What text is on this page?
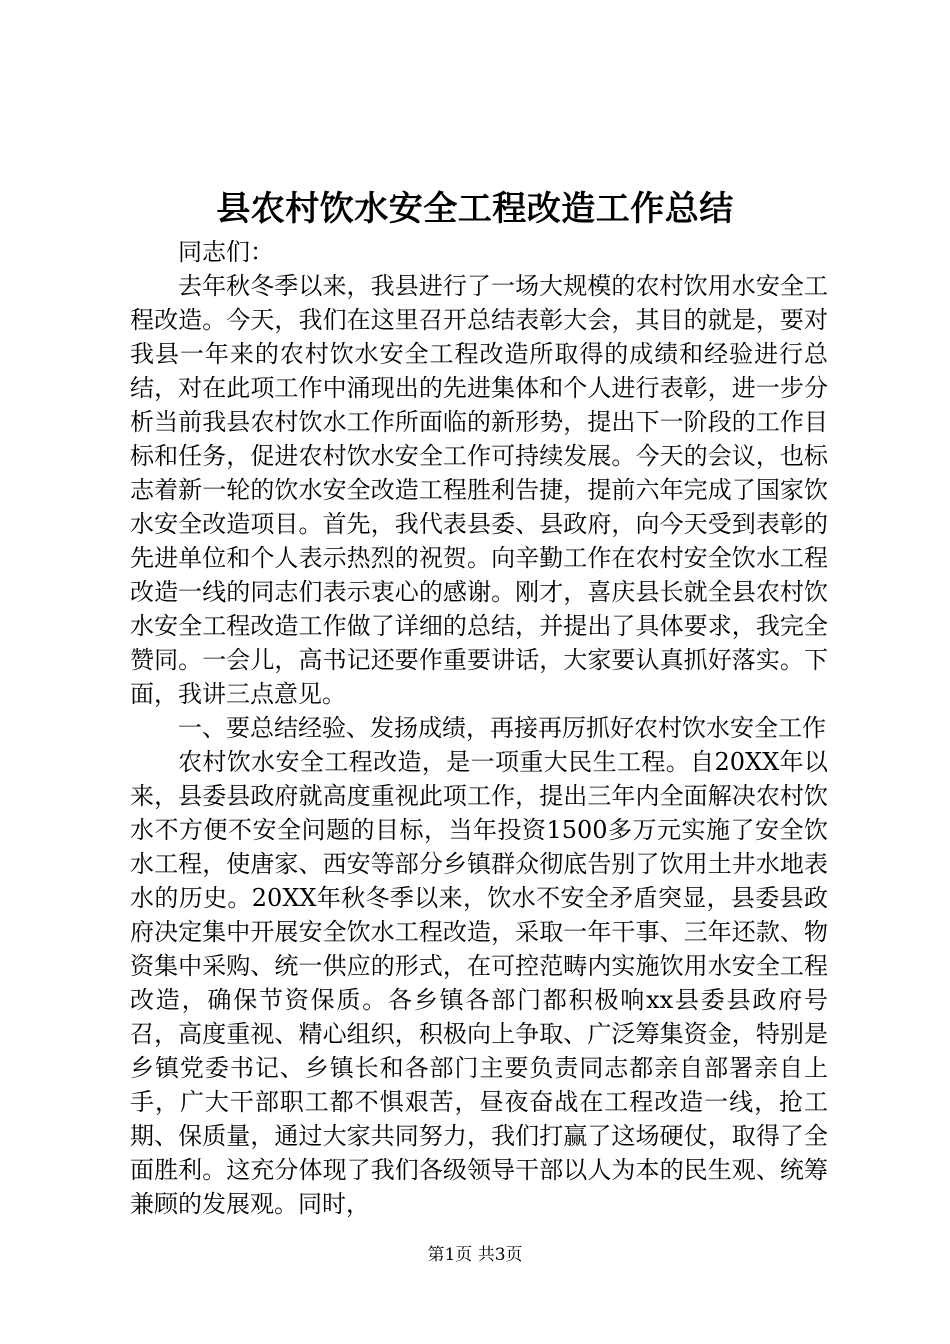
县农村饮水安全工程改造工作总结

同志们：

去年秋冬季以来，我县进行了一场大规模的农村饮用水安全工程改造。今天，我们在这里召开总结表彰大会，其目的就是，要对我县一年来的农村饮水安全工程改造所取得的成绩和经验进行总结，对在此项工作中涌现出的先进集体和个人进行表彰，进一步分析当前我县农村饮水工作所面临的新形势，提出下一阶段的工作目标和任务，促进农村饮水安全工作可持续发展。今天的会议，也标志着新一轮的饮水安全改造工程胜利告捷，提前六年完成了国家饮水安全改造项目。首先，我代表县委、县政府，向今天受到表彰的先进单位和个人表示热烈的祝贺。向辛勤工作在农村安全饮水工程改造一线的同志们表示衷心的感谢。刚才，喜庆县长就全县农村饮水安全工程改造工作做了详细的总结，并提出了具体要求，我完全赞同。一会儿，高书记还要作重要讲话，大家要认真抓好落实。下面，我讲三点意见。

一、要总结经验、发扬成绩，再接再厉抓好农村饮水安全工作

农村饮水安全工程改造，是一项重大民生工程。自20XX年以来，县委县政府就高度重视此项工作，提出三年内全面解决农村饮水不方便不安全问题的目标，当年投资1500多万元实施了安全饮水工程，使唐家、西安等部分乡镇群众彻底告别了饮用土井水地表水的历史。20XX年秋冬季以来，饮水不安全矛盾突显，县委县政府决定集中开展安全饮水工程改造，采取一年干事、三年还款、物资集中采购、统一供应的形式，在可控范畴内实施饮用水安全工程改造，确保节资保质。各乡镇各部门都积极响xx县委县政府号召，高度重视、精心组织，积极向上争取、广泛筹集资金，特别是乡镇党委书记、乡镇长和各部门主要负责同志都亲自部署亲自上手，广大干部职工都不惧艰苦，昼夜奋战在工程改造一线，抢工期、保质量，通过大家共同努力，我们打赢了这场硬仗，取得了全面胜利。这充分体现了我们各级领导干部以人为本的民生观、统筹兼顾的发展观。同时，

第1页 共3页
